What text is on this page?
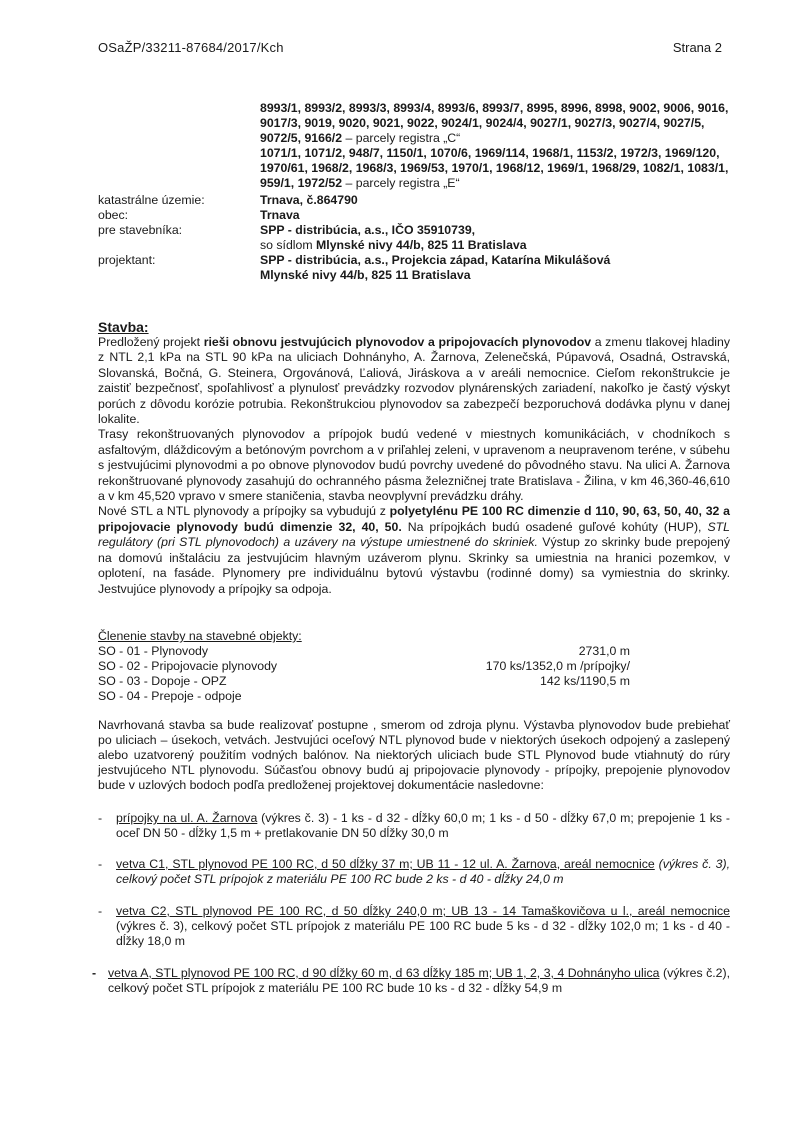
OSaŽP/33211-87684/2017/Kch	Strana 2
8993/1, 8993/2, 8993/3, 8993/4, 8993/6, 8993/7, 8995, 8996, 8998, 9002, 9006, 9016, 9017/3, 9019, 9020, 9021, 9022, 9024/1, 9024/4, 9027/1, 9027/3, 9027/4, 9027/5, 9072/5, 9166/2 – parcely registra „C“
1071/1, 1071/2, 948/7, 1150/1, 1070/6, 1969/114, 1968/1, 1153/2, 1972/3, 1969/120, 1970/61, 1968/2, 1968/3, 1969/53, 1970/1, 1968/12, 1969/1, 1968/29, 1082/1, 1083/1, 959/1, 1972/52 – parcely registra „E“
katastrálne územie:	Trnava, č.864790
obec:	Trnava
pre stavebníka:	SPP - distribúcia, a.s., IČO 35910739,
so sídlom Mlynské nivy 44/b, 825 11 Bratislava
projektant:	SPP - distribúcia, a.s., Projekcia západ, Katarína Mikulášová
Mlynské nivy 44/b, 825 11 Bratislava
Stavba:

Predložený projekt rieši obnovu jestvujúcich plynovodov a pripojovacích plynovodov a zmenu tlakovej hladiny z NTL 2,1 kPa na STL 90 kPa na uliciach Dohnányho, A. Žarnova, Zelenečská, Púpavová, Osadná, Ostravská, Slovanská, Bočná, G. Steinera, Orgovánová, Ľaliová, Jiráskova a v areáli nemocnice. Cieľom rekonštrukcie je zaistiť bezpečnosť, spoľahlivosť a plynulosť prevádzky rozvodov plynárenských zariadení, nakoľko je častý výskyt porúch z dôvodu korózie potrubia. Rekonštrukciou plynovodov sa zabezpečí bezporuchová dodávka plynu v danej lokalite.

Trasy rekonštruovaných plynovodov a prípojok budú vedené v miestnych komunikáciách, v chodníkoch s asfaltovým, dláždicovým a betónovým povrchom a v priľahlej zeleni, v upravenom a neupravenom teréne, v súbehu s jestvujúcimi plynovodmi a po obnove plynovodov budú povrchy uvedené do pôvodného stavu. Na ulici A. Žarnova rekonštruované plynovody zasahujú do ochranného pásma železničnej trate Bratislava - Žilina, v km 46,360-46,610 a v km 45,520 vpravo v smere staničenia, stavba neovplyvní prevádzku dráhy.

Nové STL a NTL plynovody a prípojky sa vybudujú z polyetylénu PE 100 RC dimenzie d 110, 90, 63, 50, 40, 32 a pripojovacie plynovody budú dimenzie 32, 40, 50. Na prípojkách budú osadené guľové kohúty (HUP), STL regulátory (pri STL plynovodoch) a uzávery na výstupe umiestnené do skriniek. Výstup zo skrinky bude prepojený na domovú inštaláciu za jestvujúcim hlavným uzáverom plynu. Skrinky sa umiestnia na hranici pozemkov, v oplotení, na fasáde. Plynomery pre individuálnu bytovú výstavbu (rodinné domy) sa vymiestnia do skrinky. Jestvujúce plynovody a prípojky sa odpoja.

Členenie stavby na stavebné objekty:
SO - 01 - Plynovody	2731,0 m
SO - 02 - Pripojovacie plynovody	170 ks/1352,0 m /prípojky/
SO - 03 - Dopoje - OPZ	142 ks/1190,5 m
SO - 04 - Prepoje - odpoje

Navrhovaná stavba sa bude realizovať postupne , smerom od zdroja plynu. Výstavba plynovodov bude prebiehať po uliciach – úsekoch, vetvách. Jestvujúci oceľový NTL plynovod bude v niektorých úsekoch odpojený a zaslepený alebo uzatvorený použitím vodných balónov. Na niektorých uliciach bude STL Plynovod bude vtiahnutý do rúry jestvujúceho NTL plynovodu. Súčasťou obnovy budú aj pripojovacie plynovody - prípojky, prepojenie plynovodov bude v uzlových bodoch podľa predloženej projektovej dokumentácie nasledovne:

- prípojky na ul. A. Žarnova (výkres č. 3) - 1 ks - d 32 - dĺžky 60,0 m; 1 ks - d 50 - dĺžky 67,0 m; prepojenie 1 ks - oceľ DN 50 - dĺžky 1,5 m + pretlakovanie DN 50 dĺžky 30,0 m
- vetva C1, STL plynovod PE 100 RC, d 50 dĺžky 37 m; UB 11 - 12 ul. A. Žarnova, areál nemocnice (výkres č. 3), celkový počet STL prípojok z materiálu PE 100 RC bude 2 ks - d 40 - dĺžky 24,0 m
- vetva C2, STL plynovod PE 100 RC, d 50 dĺžky 240,0 m; UB 13 - 14 Tamaškovičova u l., areál nemocnice (výkres č. 3), celkový počet STL prípojok z materiálu PE 100 RC bude 5 ks - d 32 - dĺžky 102,0 m; 1 ks - d 40 - dĺžky 18,0 m
- vetva A, STL plynovod PE 100 RC, d 90 dĺžky 60 m, d 63 dĺžky 185 m; UB 1, 2, 3, 4 Dohnányho ulica (výkres č.2), celkový počet STL prípojok z materiálu PE 100 RC bude 10 ks - d 32 - dĺžky 54,9 m
